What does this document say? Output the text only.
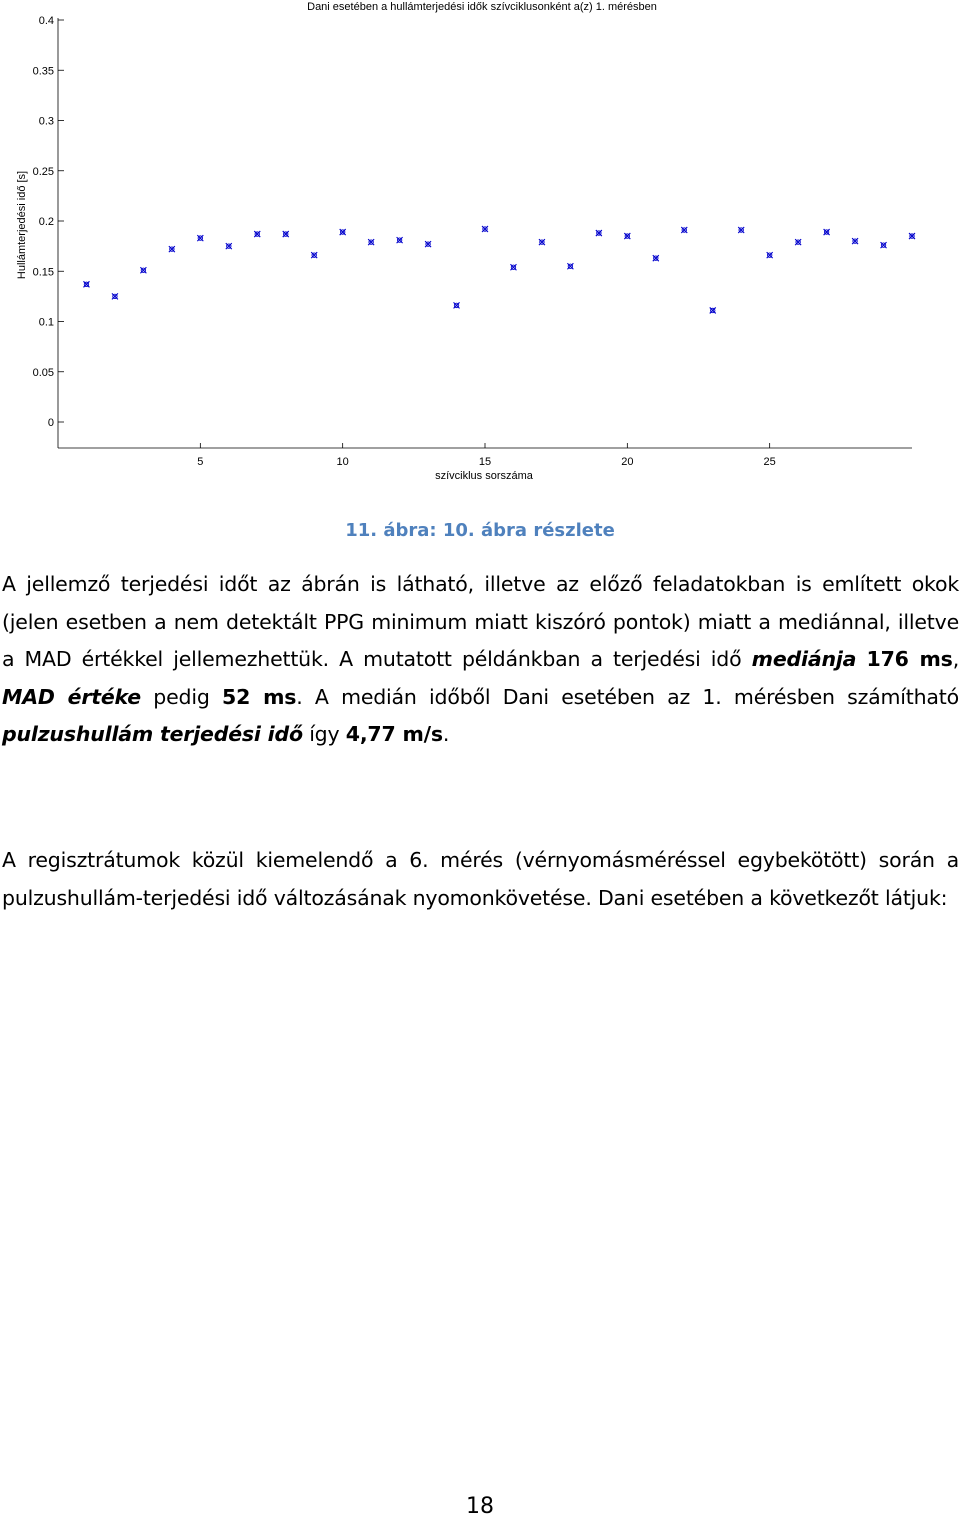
Dani esetében a hullámterjedési idők szívciklusonként a(z) 1. mérésben
0
0.05
0.1
0.15
0.2
0.25
0.3
0.35
0.4
5	10	15	20	25
szívciklus sorszáma
Hullámterjedési idő [s]
11. ábra: 10. ábra részlete
A jellemző terjedési időt az ábrán is látható, illetve az előző feladatokban is említett okok (jelen esetben a nem detektált PPG minimum miatt kiszóró pontok) miatt a mediánnal, illetve a MAD értékkel jellemezhettük. A mutatott példánkban a terjedési idő mediánja 176 ms, MAD értéke pedig 52 ms. A medián időből Dani esetében az 1. mérésben számítható pulzushullám terjedési idő így 4,77 m/s.
A regisztrátumok közül kiemelendő a 6. mérés (vérnyomásméréssel egybekötött) során a pulzushullám-terjedési idő változásának nyomonkövetése. Dani esetében a következőt látjuk:
18
